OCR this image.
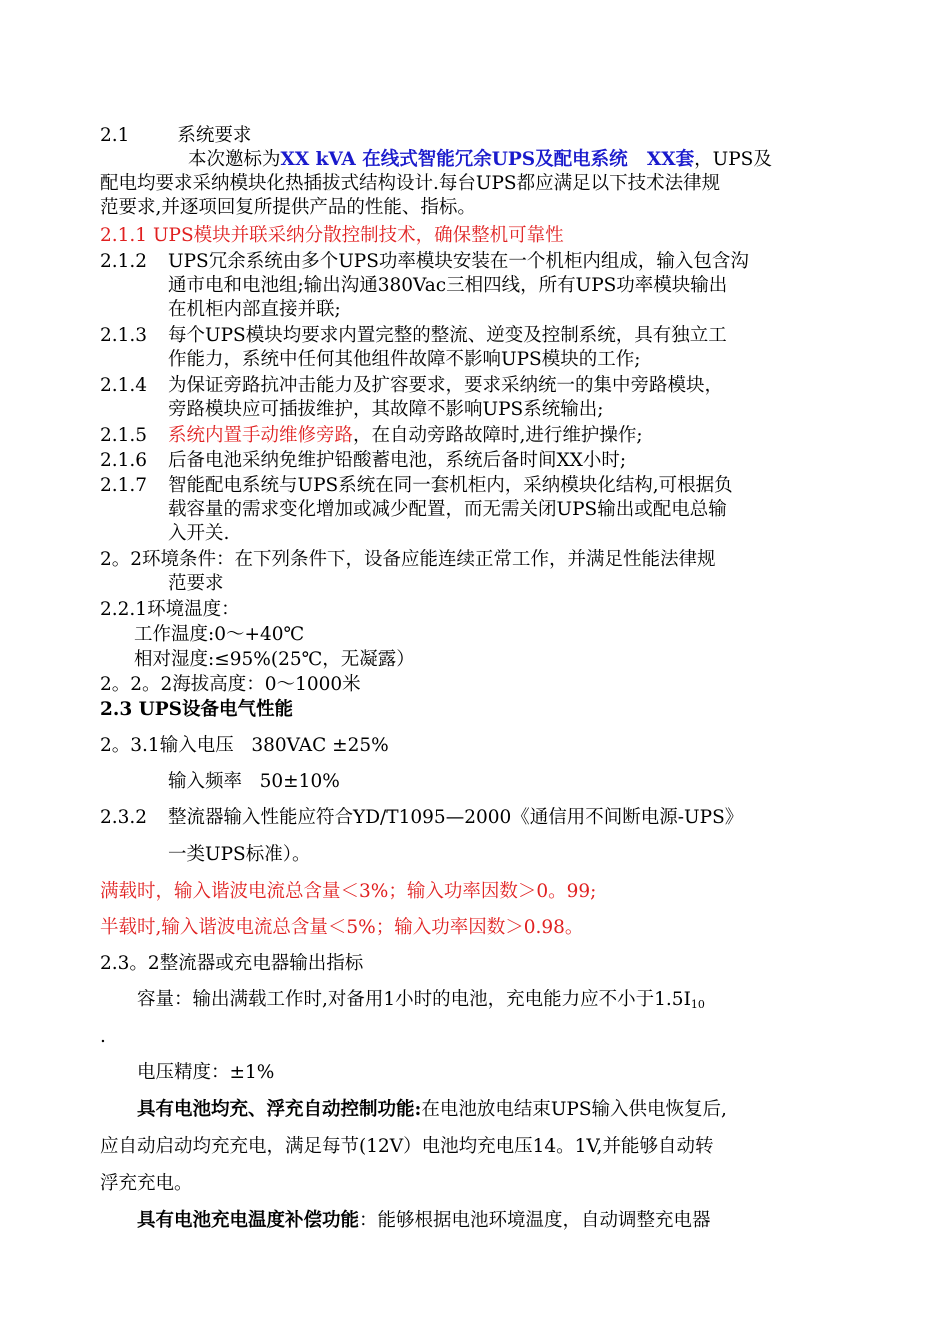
2.1	系统要求

本次邀标为XX kVA 在线式智能冗余UPS及配电系统   XX套，UPS及

配电均要求采纳模块化热插拔式结构设计.每台UPS都应满足以下技术法律规

范要求,并逐项回复所提供产品的性能、指标。

2.1.1 UPS模块并联采纳分散控制技术，确保整机可靠性

2.1.2	UPS冗余系统由多个UPS功率模块安装在一个机柜内组成，输入包含沟

通市电和电池组;输出沟通380Vac三相四线，所有UPS功率模块输出

在机柜内部直接并联;

2.1.3	每个UPS模块均要求内置完整的整流、逆变及控制系统，具有独立工

作能力，系统中任何其他组件故障不影响UPS模块的工作;

2.1.4	为保证旁路抗冲击能力及扩容要求，要求采纳统一的集中旁路模块，

旁路模块应可插拔维护，其故障不影响UPS系统输出;

2.1.5	系统内置手动维修旁路，在自动旁路故障时,进行维护操作;

2.1.6	后备电池采纳免维护铅酸蓄电池，系统后备时间XX小时;

2.1.7	智能配电系统与UPS系统在同一套机柜内，采纳模块化结构,可根据负

载容量的需求变化增加或减少配置，而无需关闭UPS输出或配电总输

入开关.

2。2环境条件：在下列条件下，设备应能连续正常工作，并满足性能法律规

范要求

2.2.1环境温度：

工作温度:0～+40℃

相对湿度:≤95%(25℃，无凝露）

2。2。2海拔高度：0～1000米

2.3 UPS设备电气性能

2。3.1输入电压   380VAC ±25%

输入频率   50±10%

2.3.2	整流器输入性能应符合YD/T1095—2000《通信用不间断电源-UPS》

一类UPS标准）。

满载时，输入谐波电流总含量＜3%；输入功率因数＞0。99;

半载时,输入谐波电流总含量＜5%；输入功率因数＞0.98。

2.3。2整流器或充电器输出指标

容量：输出满载工作时,对备用1小时的电池，充电能力应不小于$1.5I_{10}$

.

电压精度：±1%

具有电池均充、浮充自动控制功能:在电池放电结束UPS输入供电恢复后,

应自动启动均充充电，满足每节(12V）电池均充电压14。1V,并能够自动转

浮充充电。

具有电池充电温度补偿功能：能够根据电池环境温度，自动调整充电器
